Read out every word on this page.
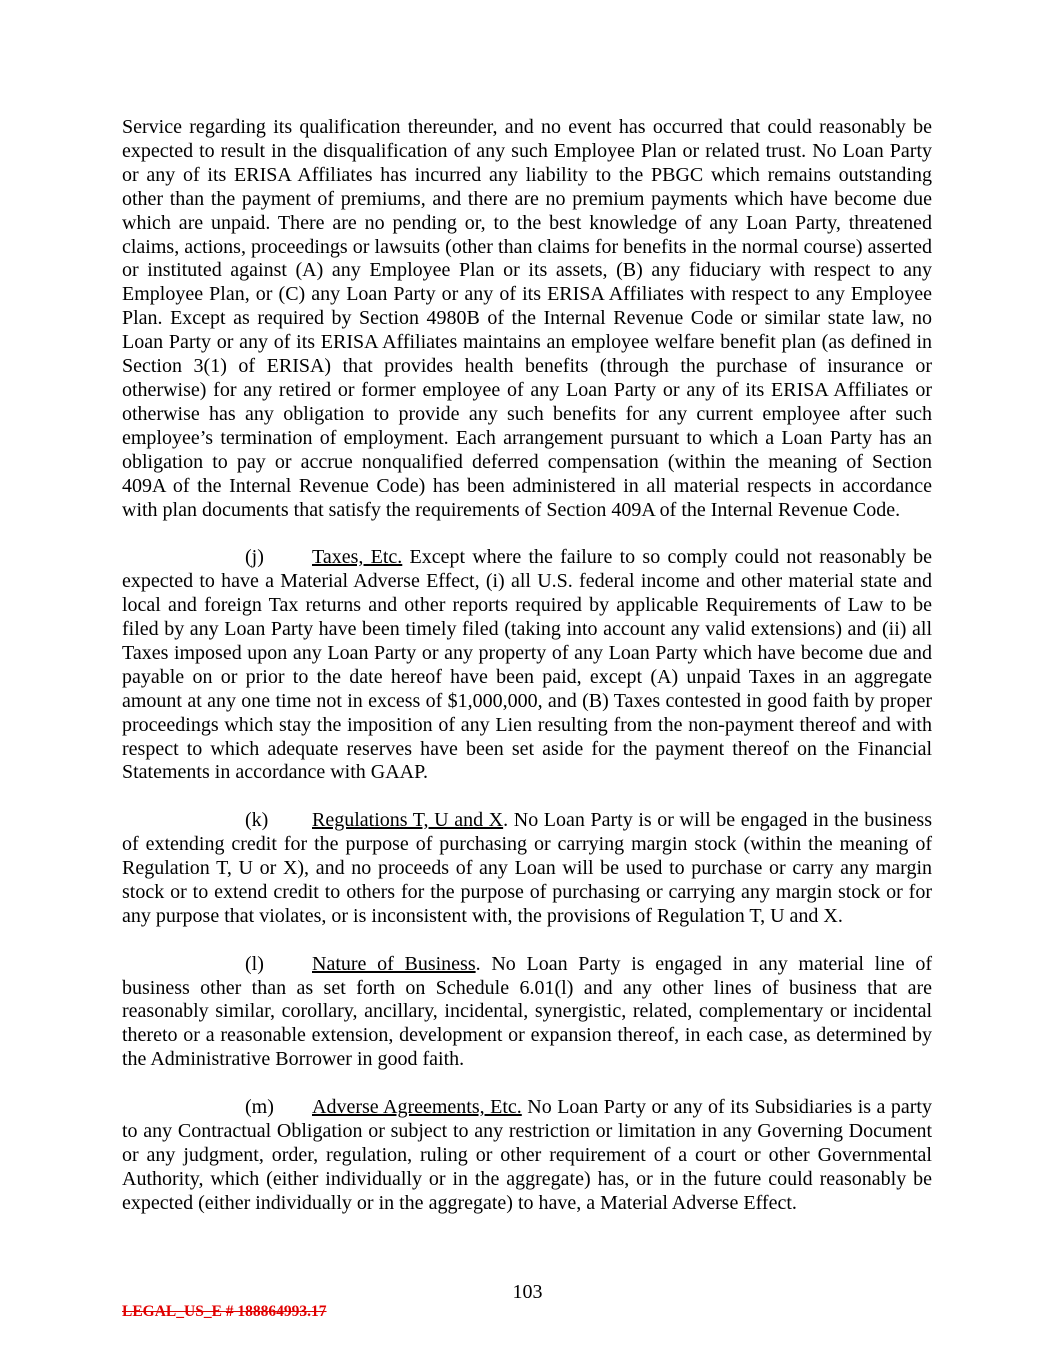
Service regarding its qualification thereunder, and no event has occurred that could reasonably be expected to result in the disqualification of any such Employee Plan or related trust. No Loan Party or any of its ERISA Affiliates has incurred any liability to the PBGC which remains outstanding other than the payment of premiums, and there are no premium payments which have become due which are unpaid. There are no pending or, to the best knowledge of any Loan Party, threatened claims, actions, proceedings or lawsuits (other than claims for benefits in the normal course) asserted or instituted against (A) any Employee Plan or its assets, (B) any fiduciary with respect to any Employee Plan, or (C) any Loan Party or any of its ERISA Affiliates with respect to any Employee Plan. Except as required by Section 4980B of the Internal Revenue Code or similar state law, no Loan Party or any of its ERISA Affiliates maintains an employee welfare benefit plan (as defined in Section 3(1) of ERISA) that provides health benefits (through the purchase of insurance or otherwise) for any retired or former employee of any Loan Party or any of its ERISA Affiliates or otherwise has any obligation to provide any such benefits for any current employee after such employee’s termination of employment. Each arrangement pursuant to which a Loan Party has an obligation to pay or accrue nonqualified deferred compensation (within the meaning of Section 409A of the Internal Revenue Code) has been administered in all material respects in accordance with plan documents that satisfy the requirements of Section 409A of the Internal Revenue Code.

(j) Taxes, Etc. Except where the failure to so comply could not reasonably be expected to have a Material Adverse Effect, (i) all U.S. federal income and other material state and local and foreign Tax returns and other reports required by applicable Requirements of Law to be filed by any Loan Party have been timely filed (taking into account any valid extensions) and (ii) all Taxes imposed upon any Loan Party or any property of any Loan Party which have become due and payable on or prior to the date hereof have been paid, except (A) unpaid Taxes in an aggregate amount at any one time not in excess of $1,000,000, and (B) Taxes contested in good faith by proper proceedings which stay the imposition of any Lien resulting from the non-payment thereof and with respect to which adequate reserves have been set aside for the payment thereof on the Financial Statements in accordance with GAAP.

(k) Regulations T, U and X. No Loan Party is or will be engaged in the business of extending credit for the purpose of purchasing or carrying margin stock (within the meaning of Regulation T, U or X), and no proceeds of any Loan will be used to purchase or carry any margin stock or to extend credit to others for the purpose of purchasing or carrying any margin stock or for any purpose that violates, or is inconsistent with, the provisions of Regulation T, U and X.

(l) Nature of Business. No Loan Party is engaged in any material line of business other than as set forth on Schedule 6.01(l) and any other lines of business that are reasonably similar, corollary, ancillary, incidental, synergistic, related, complementary or incidental thereto or a reasonable extension, development or expansion thereof, in each case, as determined by the Administrative Borrower in good faith.

(m) Adverse Agreements, Etc. No Loan Party or any of its Subsidiaries is a party to any Contractual Obligation or subject to any restriction or limitation in any Governing Document or any judgment, order, regulation, ruling or other requirement of a court or other Governmental Authority, which (either individually or in the aggregate) has, or in the future could reasonably be expected (either individually or in the aggregate) to have, a Material Adverse Effect.

103
LEGAL_US_E # 188864993.17
